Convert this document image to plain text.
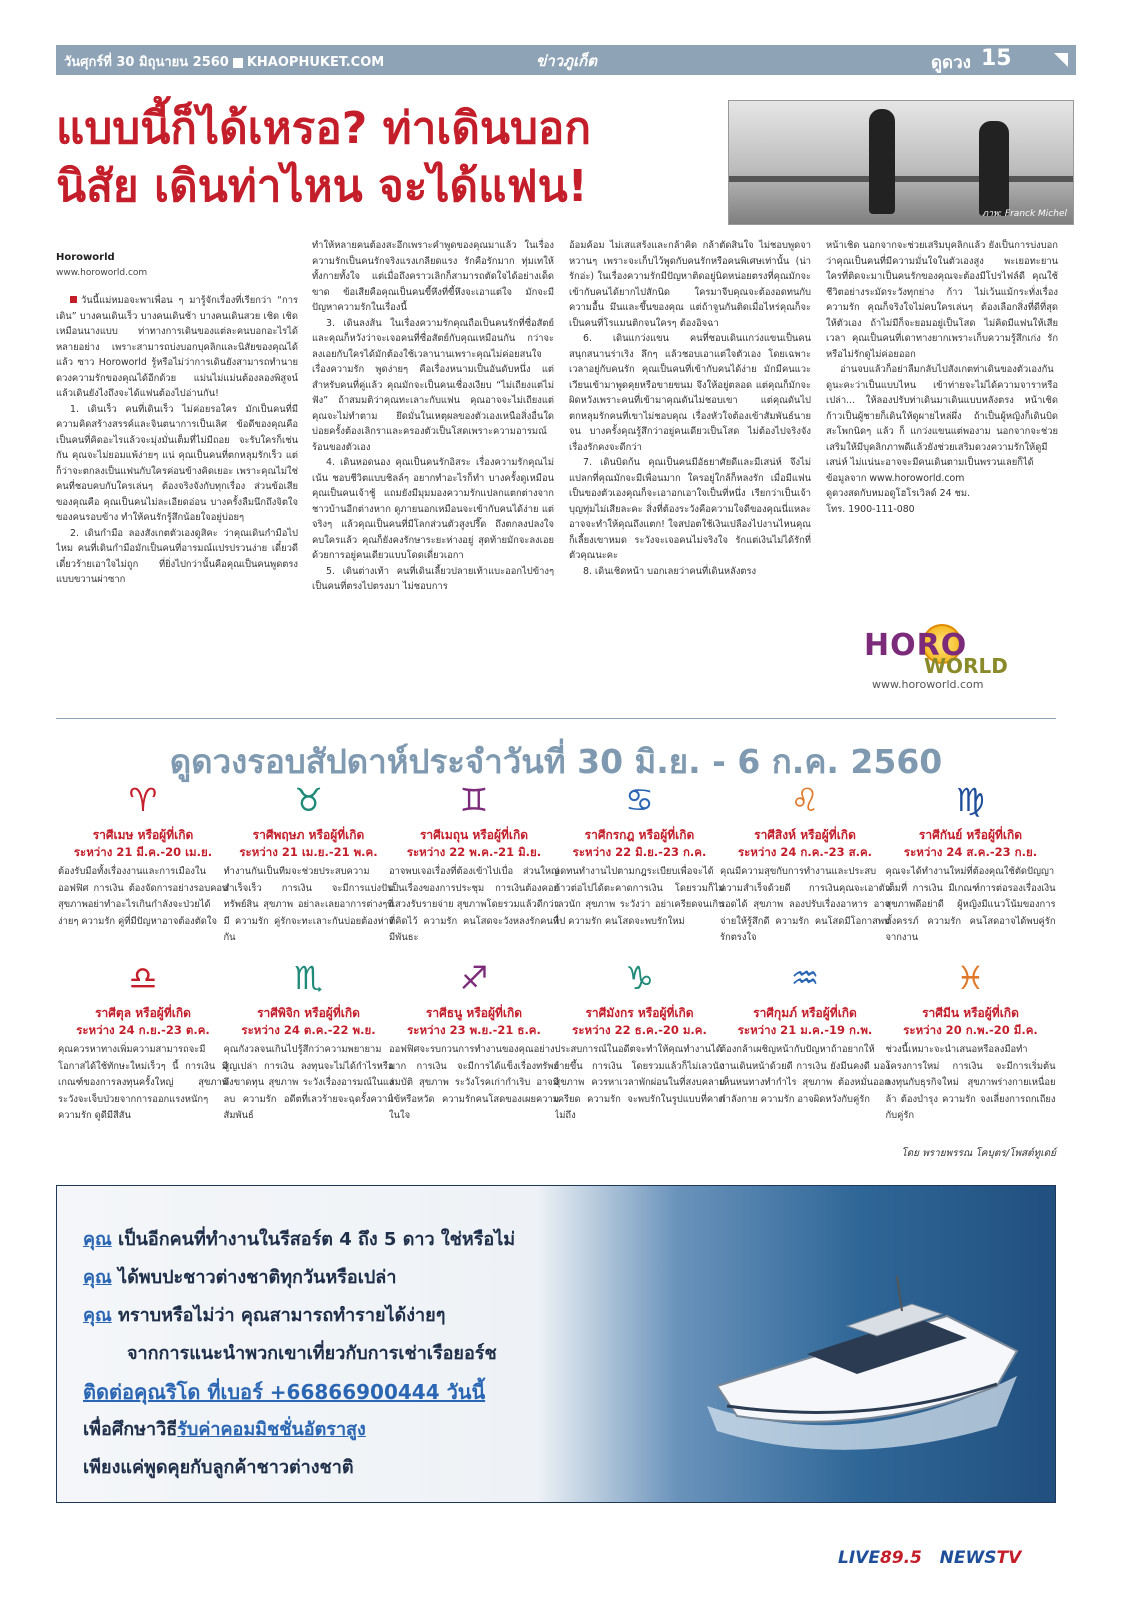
วันศุกร์ที่ 30 มิถุนายน 2560 KHAOPHUKET.COM	ข่าวภูเก็ต	ดูดวง 15
แบบนี้ก็ได้เหรอ? ท่าเดินบอก
นิสัย เดินท่าไหน จะได้แฟน!
ภาพ: Franck Michel
Horoworld
www.horoworld.com

วันนี้แม่หมอจะพาเพื่อน ๆ มารู้จักเรื่องที่เรียกว่า “การเดิน” บางคนเดินเร็ว บางคนเดินช้า บางคนเดินสวย เชิด เชิด เหมือนนางแบบ ท่าทางการเดินของแต่ละคนบอกอะไรได้หลายอย่าง เพราะสามารถบ่งบอกบุคลิกและนิสัยของคุณได้แล้ว ซาว Horoworld รู้หรือไม่ว่าการเดินยังสามารถทำนายดวงความรักของคุณได้อีกด้วย แม่นไม่แม่นต้องลองพิสูจน์ แล้วเดินยังไงถึงจะได้แฟนต้องไปอ่านกัน!

1. เดินเร็ว คนที่เดินเร็ว ไม่ค่อยรอใคร มักเป็นคนที่มีความคิดสร้างสรรค์และจินตนาการเป็นเลิศ ข้อดีของคุณคือเป็นคนที่คิดอะไรแล้วจะมุ่งมั่นเต็มที่ไม่มีถอย จะรับใครก็เช่นกัน คุณจะไม่ยอมแพ้ง่ายๆ แน่ คุณเป็นคนที่ตกหลุมรักเร็ว แต่ก็ว่าจะตกลงเป็นแฟนกับใครค่อนข้างคิดเยอะ เพราะคุณไม่ใช่คนที่ชอบคบกับใครเล่นๆ ต้องจริงจังกับทุกเรื่อง ส่วนข้อเสียของคุณคือ คุณเป็นคนไม่ละเอียดอ่อน บางครั้งลืมนึกถึงจิตใจของคนรอบข้าง ทำให้คนรักรู้สึกน้อยใจอยู่บ่อยๆ

2. เดินกำมือ ลองสังเกตตัวเองดูสิคะ ว่าคุณเดินกำมือไปไหม คนที่เดินกำมือมักเป็นคนที่อารมณ์แปรปรวนง่าย เดี๋ยวดีเดี๋ยวร้ายเอาใจไม่ถูก ที่ยิ่งไปกว่านั้นคือคุณเป็นคนพูดตรงแบบขวานผ่าซาก

ทำให้หลายคนต้องสะอึกเพราะคำพูดของคุณมาแล้ว ในเรื่องความรักเป็นคนรักจริงแรงเกลียดแรง รักคือรักมาก ทุ่มเทให้ทั้งกายทั้งใจ แต่เมื่อถึงคราวเลิกก็สามารถตัดใจได้อย่างเด็ดขาด ข้อเสียคือคุณเป็นคนขี้หึงที่ขี้หึงจะเอาแต่ใจ มักจะมีปัญหาความรักในเรื่องนี้

3. เดินลงส้น ในเรื่องความรักคุณถือเป็นคนรักที่ซื่อสัตย์และคุณก็หวังว่าจะเจอคนที่ซื่อสัตย์กับคุณเหมือนกัน กว่าจะลงเอยกับใครได้มักต้องใช้เวลานานเพราะคุณไม่ค่อยสนใจเรื่องความรัก พูดง่ายๆ คือเรื่องหนามเป็นอันดับหนึ่ง แต่สำหรับคนที่คู่แล้ว คุณมักจะเป็นคนเชื่องเงียบ “ไม่เถียงแต่ไม่ฟัง” ถ้าสมมติว่าคุณทะเลาะกับแฟน คุณอาจจะไม่เถียงแต่คุณจะไม่ทำตาม ยึดมั่นในเหตุผลของตัวเองเหนือสิ่งอื่นใด บ่อยครั้งต้องเลิกราและครองตัวเป็นโสดเพราะความอารมณ์ร้อนของตัวเอง

4. เดินหอดนอง คุณเป็นคนรักอิสระ เรื่องความรักคุณไม่เน้น ชอบชีวิตแบบชิลล์ๆ อยากทำอะไรก็ทำ บางครั้งดูเหมือนคุณเป็นคนเจ้าชู้ แถมยังมีมุมมองความรักแปลกแตกต่างจากชาวบ้านอีกต่างหาก ดูภายนอกเหมือนจะเข้ากับคนได้ง่าย แต่จริงๆ แล้วคุณเป็นคนที่มีโลกส่วนตัวสูงปรี๊ด ถึงตกลงปลงใจคบใครแล้ว คุณก็ยังคงรักษาระยะห่างอยู่ สุดท้ายมักจะลงเอยด้วยการอยู่คนเดียวแบบโดดเดี่ยวเอกา

5. เดินต่างเท้า คนที่เดินเลี้ยวปลายเท้าแบะออกไปข้างๆ เป็นคนที่ตรงไปตรงมา ไม่ชอบการ

อ้อมค้อม ไม่เสแสร้งและกล้าคิด กล้าตัดสินใจ ไม่ชอบพูดจาหวานๆ เพราะจะเก็บไว้พูดกับคนรักหรือคนพิเศษเท่านั้น (น่ารักอ่ะ) ในเรื่องความรักมีปัญหาติดอยู่นิดหน่อยตรงที่คุณมักจะเข้ากับคนได้ยากไปสักนิด ใครมาจีบคุณจะต้องอดทนกับความอื้น มึนและขึ้นของคุณ แต่ถ้าจูนกันติดเมื่อไหร่คุณก็จะเป็นคนที่โรแมนติกจนใครๆ ต้องอิจฉา

6. เดินแกว่งแขน คนที่ชอบเดินแกว่งแขนเป็นคนสนุกสนานร่าเริง ลึกๆ แล้วชอบเอาแต่ใจตัวเอง โดยเฉพาะเวลาอยู่กับคนรัก คุณเป็นคนที่เข้ากับคนได้ง่าย มักมีคนแวะเวียนเข้ามาพูดคุยหรือขายขนม จึงให้อยู่ตลอด แต่คุณก็มักจะผิดหวังเพราะคนที่เข้ามาคุณดันไม่ชอบเขา แต่คุณดันไปตกหลุมรักคนที่เขาไม่ชอบคุณ เรื่องหัวใจต้องเข้าสัมพันธ์นาย จน บางครั้งคุณรู้สึกว่าอยู่คนเดียวเป็นโสด ไม่ต้องไปจริงจังเรื่องรักคงจะดีกว่า

7. เดินบิดก้น คุณเป็นคนมีอัธยาศัยดีและมีเสน่ห์ จึงไม่แปลกที่คุณมักจะมีเพื่อนมาก ใครอยู่ใกล้ก็หลงรัก เมื่อมีแฟนเป็นของตัวเองคุณก็จะเอาอกเอาใจเป็นที่หนึ่ง เรียกว่าเป็นเจ้าบุญทุ่มไม่เสียละคะ สิ่งที่ต้องระวังคือความใจดีของคุณนี่แหละอาจจะทำให้คุณถึงแตก! ใจสปอตใช้เงินเปลืองไปงานไหนคุณก็เลี้ยงเขาหมด ระวังจะเจอคนไม่จริงใจ รักแต่เงินไม่ได้รักที่ตัวคุณนะคะ

8. เดินเชิดหน้า บอกเลยว่าคนที่เดินหลังตรง

หน้าเชิด นอกจากจะช่วยเสริมบุคลิกแล้ว ยังเป็นการบ่งบอกว่าคุณเป็นคนที่มีความมั่นใจในตัวเองสูง พะเยอทะยาน ใครที่ติดจะมาเป็นคนรักของคุณจะต้องมีโปรไฟล์ดี คุณใช้ชีวิตอย่างระมัดระวังทุกย่าง ก้าว ไม่เว้นแม้กระทั่งเรื่องความรัก คุณก็จริงใจไม่คบใครเล่นๆ ต้องเลือกสิ่งที่ดีที่สุดให้ตัวเอง ถ้าไม่มีก็จะยอมอยู่เป็นโสด ไม่คิดมีแฟนให้เสียเวลา คุณเป็นคนที่เดาทางยากเพราะเก็บความรู้สึกเก่ง รักหรือไม่รักดูไม่ค่อยออก

อ่านจบแล้วก็อย่าลืมกลับไปสังเกตท่าเดินของตัวเองกันดูนะคะว่าเป็นแบบไหน เข้าท่ายจะไม่ได้ความจาราหรือเปล่า... ให้ลองปรับท่าเดินมาเดินแบบหลังตรง หน้าเชิด ก้าวเป็นผู้ชายก็เดินให้ดูผายไหล่ผึ่ง ถ้าเป็นผู้หญิงก็เดินบิดสะโพกนิดๆ แล้ว ก็ แกว่งแขนแต่พองาม นอกจากจะช่วยเสริมให้มีบุคลิกภาพดีแล้วยังช่วยเสริมดวงความรักให้ดูมีเสน่ห์ ไม่แน่นะอาจจะมีคนเดินตามเป็นพรวนเลยก็ได้

ข้อมูลจาก www.horoworld.com

ดูดวงสดกับหมอดูโฮโรเวิลด์ 24 ชม.

โทร. 1900-111-080

HORO
WORLD
www.horoworld.com
ดูดวงรอบสัปดาห์ประจำวันที่ 30 มิ.ย. - 6 ก.ค. 2560
♈
ราศีเมษ หรือผู้ที่เกิด
ระหว่าง 21 มี.ค.-20 เม.ย.
ต้องรับมือทั้งเรื่องงานและการเมืองในออฟฟิศ การเงิน ต้องจัดการอย่างรอบคอบ สุขภาพอย่าทำอะไรเกินกำลังจะป่วยได้ง่ายๆ ความรัก คู่ที่มีปัญหาอาจต้องตัดใจ
♉
ราศีพฤษภ หรือผู้ที่เกิด
ระหว่าง 21 เม.ย.-21 พ.ค.
ทำงานกันเป็นทีมจะช่วยประสบความสำเร็จเร็ว การเงิน จะมีการแบ่งปันทรัพย์สิน สุขภาพ อย่าละเลยอาการต่างๆที่มี ความรัก คู่รักจะทะเลาะกันบ่อยต้องห่างกัน
♊
ราศีเมถุน หรือผู้ที่เกิด
ระหว่าง 22 พ.ค.-21 มิ.ย.
อาจพบเจอเรื่องที่ต้องเข้าไปเบื่อ ส่วนใหญ่เป็นเรื่องของการประชุม การเงินต้องคอยแสวงรับรายจ่าย สุขภาพโดยรวมแล้วดีกว่าที่คิดไว้ ความรัก คนโสดจะวังหลงรักคนที่มีพันธะ
♋
ราศีกรกฎ หรือผู้ที่เกิด
ระหว่าง 22 มิ.ย.-23 ก.ค.
อดทนทำงานไปตามกฎระเบียบเพื่อจะได้ก้าวต่อไปได้ตะคาดการเงิน โดยรวมก็ไม่เลวนัก สุขภาพ ระวังว่า อย่าเครียดจนเกินไป ความรัก คนโสดจะพบรักใหม่
♌
ราศีสิงห์ หรือผู้ที่เกิด
ระหว่าง 24 ก.ค.-23 ส.ค.
คุณมีความสุขกับการทำงานและประสบความสำเร็จด้วยดี การเงินคุณจะเอาตัวรอดได้ สุขภาพ ลองปรับเรื่องอาหาร อาจจ่ายให้รู้สึกดี ความรัก คนโสดมีโอกาสพบรักตรงใจ
♍
ราศีกันย์ หรือผู้ที่เกิด
ระหว่าง 24 ส.ค.-23 ก.ย.
คุณจะได้ทำงานใหม่ที่ต้องคุณใช้ตัดปัญญาเต็มที่ การเงิน มีเกณฑ์การต่อรองเรื่องเงิน สุขภาพดีอย่าดี ผู้หญิงมีแนวโน้มของการตั้งครรภ์ ความรัก คนโสดอาจได้พบคู่รักจากงาน
♎
ราศีตุล หรือผู้ที่เกิด
ระหว่าง 24 ก.ย.-23 ต.ค.
คุณควรหาทางเพิ่มความสามารถจะมีโอกาสได้ใช้ทักษะใหม่เร็วๆ นี้ การเงิน มีเกณฑ์ของการลงทุนครั้งใหญ่ สุขภาพ ระวังจะเจ็บป่วยจากการออกแรงหนักๆ ความรัก ดูดีมีสีสัน
♏
ราศีพิจิก หรือผู้ที่เกิด
ระหว่าง 24 ต.ค.-22 พ.ย.
คุณกังวลจนเกินไปรู้สึกว่าความพยายามสูญเปล่า การเงิน ลงทุนจะไม่ได้กำไรหรือถึงขาดทุน สุขภาพ ระวังเรื่องอารมณ์ในแง่ลบ ความรัก อดีตที่เลวร้ายจะฉุดรั้งความสัมพันธ์
♐
ราศีธนู หรือผู้ที่เกิด
ระหว่าง 23 พ.ย.-21 ธ.ค.
ออฟฟิศจะรบกวนการทำงานของคุณอย่างมาก การเงิน จะมีการได้แข็งเรื่องทรัพย์สมบัติ สุขภาพ ระวังโรคเก่ากำเริบ อาจมีไข้หรือหวัด ความรักคนโสดของเผยความในใจ
♑
ราศีมังกร หรือผู้ที่เกิด
ระหว่าง 22 ธ.ค.-20 ม.ค.
ประสบการณ์ในอดีตจะทำให้คุณทำงานได้ง่ายขึ้น การเงิน โดยรวมแล้วก็ไม่เลวนัก สุขภาพ ควรหาเวลาพักผ่อนในที่สงบคลายเครียด ความรัก จะพบรักในรูปแบบที่คาดไม่ถึง
♒
ราศีกุมภ์ หรือผู้ที่เกิด
ระหว่าง 21 ม.ค.-19 ก.พ.
ต้องกล้าเผชิญหน้ากับปัญหาถ้าอยากให้งานเดินหน้าด้วยดี การเงิน ยังมีนคงดี มองเห็นหนทางทำกำไร สุขภาพ ต้องหมั่นออกกำลังกาย ความรัก อาจผิดหวังกับคู่รัก
♓
ราศีมีน หรือผู้ที่เกิด
ระหว่าง 20 ก.พ.-20 มี.ค.
ช่วงนี้เหมาะจะนำเสนอหรือลงมือทำโครงการใหม่ การเงิน จะมีการเริ่มต้นลงทุนกับธุรกิจใหม่ สุขภาพร่างกายเหนื่อยล้า ต้องบำรุง ความรัก จงเลี่ยงการถกเถียงกับคู่รัก
โดย พรายพรรณ โคบุตร/โพสต์ทูเดย์
คุณ เป็นอีกคนที่ทำงานในรีสอร์ต 4 ถึง 5 ดาว ใช่หรือไม่
คุณ ได้พบปะชาวต่างชาติทุกวันหรือเปล่า
คุณ ทราบหรือไม่ว่า คุณสามารถทำรายได้ง่ายๆ
จากการแนะนำพวกเขาเที่ยวกับการเช่าเรือยอร์ช
ติดต่อคุณริโด ที่เบอร์ +66866900444 วันนี้
เพื่อศึกษาวิธีรับค่าคอมมิชชั่นอัตราสูง
เพียงแค่พูดคุยกับลูกค้าชาวต่างชาติ
LIVE89.5 NEWSTV
